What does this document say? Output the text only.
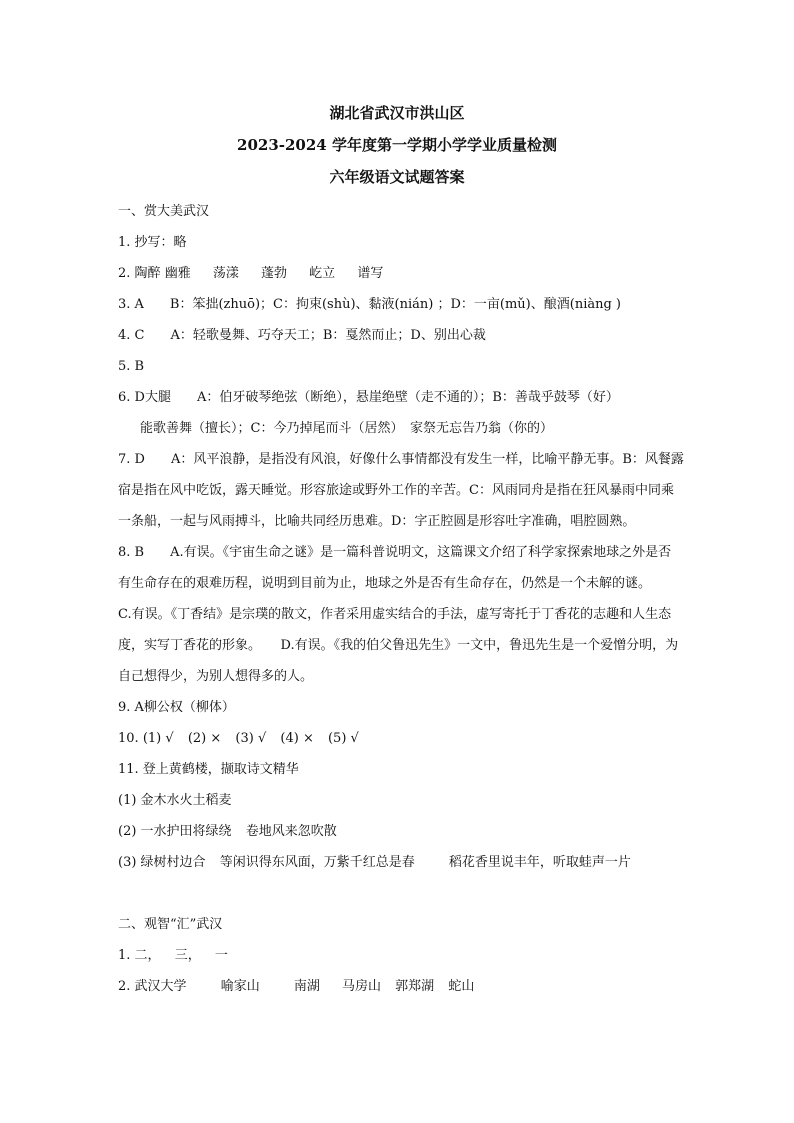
湖北省武汉市洪山区
2023-2024 学年度第一学期小学学业质量检测
六年级语文试题答案
一、赏大美武汉
1. 抄写：略
2. 陶醉 幽雅 荡漾 蓬勃 屹立 谱写
3. A　　B：笨拙(zhuō)；C：拘束(shù)、黏液(nián) ；D：一亩(mǔ)、酿酒(niàng )
4. C　　A：轻歌曼舞、巧夺天工；B：戛然而止；D、别出心裁
5. B
6. D大腿　　A：伯牙破琴绝弦（断绝），悬崖绝壁（走不通的）；B：善哉乎鼓琴（好）
能歌善舞（擅长）；C：今乃掉尾而斗（居然）　家祭无忘告乃翁（你的）
7. D　　A：风平浪静，是指没有风浪，好像什么事情都没有发生一样，比喻平静无事。B：风餐露宿是指在风中吃饭，露天睡觉。形容旅途或野外工作的辛苦。C：风雨同舟是指在狂风暴雨中同乘一条船，一起与风雨搏斗，比喻共同经历患难。D：字正腔圆是形容吐字准确，唱腔圆熟。
8. B　　A.有误。《宇宙生命之谜》是一篇科普说明文，这篇课文介绍了科学家探索地球之外是否有生命存在的艰难历程，说明到目前为止，地球之外是否有生命存在，仍然是一个未解的谜。　　C.有误。《丁香结》是宗璞的散文，作者采用虚实结合的手法，虚写寄托于丁香花的志趣和人生态度，实写丁香花的形象。　　D.有误。《我的伯父鲁迅先生》一文中，鲁迅先生是一个爱憎分明，为自己想得少，为别人想得多的人。
9. A柳公权（柳体）
10. (1) √ (2) × (3) √ (4) × (5) √
11. 登上黄鹤楼，撷取诗文精华
(1) 金木水火土稻麦
(2) 一水护田将绿绕 卷地风来忽吹散
(3) 绿树村边合 等闲识得东风面，万紫千红总是春	稻花香里说丰年，听取蛙声一片
二、观智“汇”武汉
1. 二， 三， 一
2. 武汉大学	喻家山	南湖 马房山 郭郑湖 蛇山
